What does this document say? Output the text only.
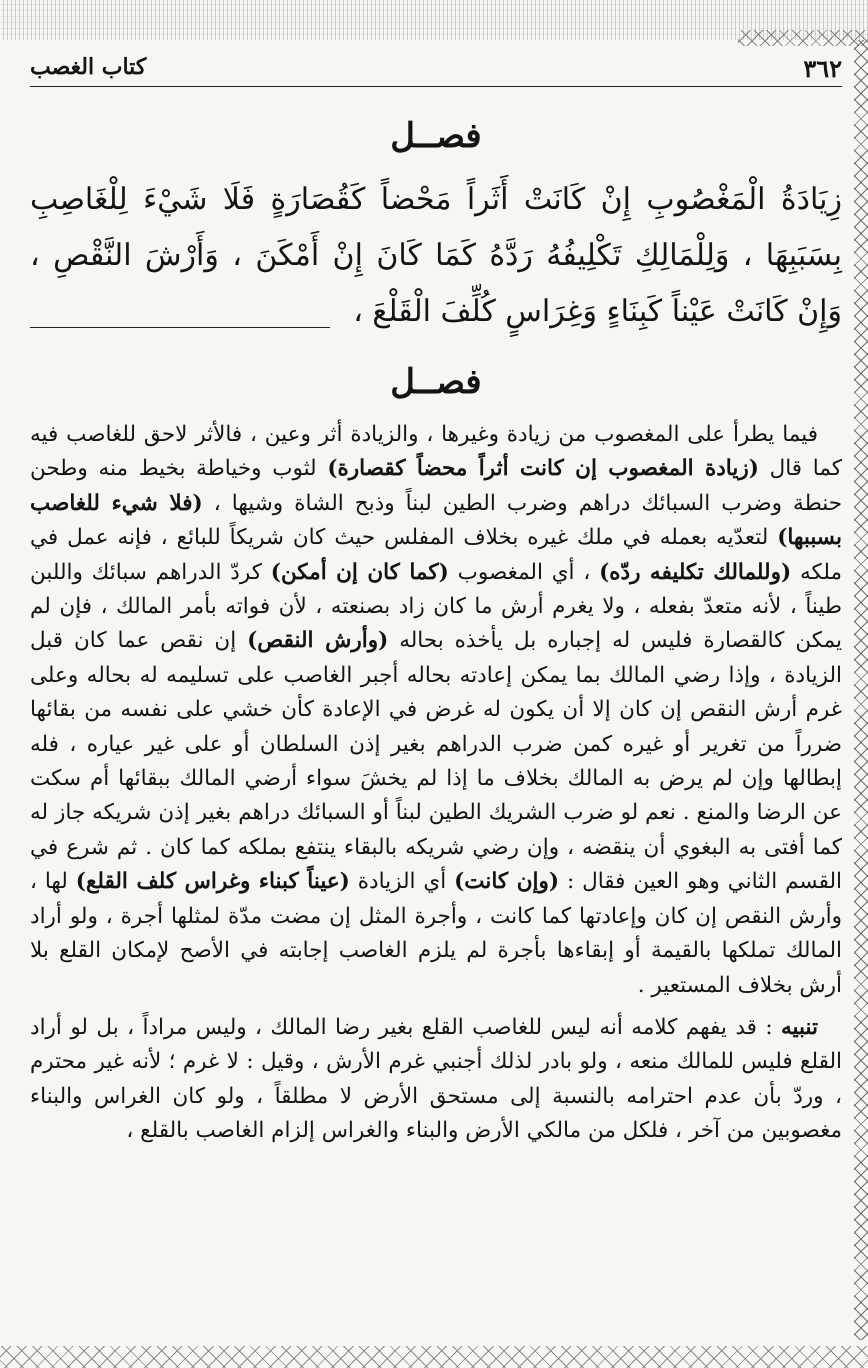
٣٦٢
كتاب الغصب
فصــل
زِيَادَةُ الْمَغْصُوبِ إِنْ كَانَتْ أَثَراً مَحْضاً كَقُصَارَةٍ فَلَا شَيْءَ لِلْغَاصِبِ بِسَبَبِهَا ، وَلِلْمَالِكِ تَكْلِيفُهُ رَدَّهُ كَمَا كَانَ إِنْ أَمْكَنَ ، وَأَرْشَ النَّقْصِ ، وَإِنْ كَانَتْ عَيْناً كَبِنَاءٍ وَغِرَاسٍ كُلِّفَ الْقَلْعَ ،
فصــل

فيما يطرأ على المغصوب من زيادة وغيرها ، والزيادة أثر وعين ، فالأثر لاحق للغاصب فيه كما قال (زيادة المغصوب إن كانت أثراً محضاً كقصارة) لثوب وخياطة بخيط منه وطحن حنطة وضرب السبائك دراهم وضرب الطين لبناً وذبح الشاة وشيها ، (فلا شيء للغاصب بسببها) لتعدّيه بعمله في ملك غيره بخلاف المفلس حيث كان شريكاً للبائع ، فإنه عمل في ملكه (وللمالك تكليفه ردّه) ، أي المغصوب (كما كان إن أمكن) كردّ الدراهم سبائك واللبن طيناً ، لأنه متعدّ بفعله ، ولا يغرم أرش ما كان زاد بصنعته ، لأن فواته بأمر المالك ، فإن لم يمكن كالقصارة فليس له إجباره بل يأخذه بحاله (وأرش النقص) إن نقص عما كان قبل الزيادة ، وإذا رضي المالك بما يمكن إعادته بحاله أجبر الغاصب على تسليمه له بحاله وعلى غرم أرش النقص إن كان إلا أن يكون له غرض في الإعادة كأن خشي على نفسه من بقائها ضرراً من تغرير أو غيره كمن ضرب الدراهم بغير إذن السلطان أو على غير عياره ، فله إبطالها وإن لم يرض به المالك بخلاف ما إذا لم يخشَ سواء أرضي المالك ببقائها أم سكت عن الرضا والمنع . نعم لو ضرب الشريك الطين لبناً أو السبائك دراهم بغير إذن شريكه جاز له كما أفتى به البغوي أن ينقضه ، وإن رضي شريكه بالبقاء ينتفع بملكه كما كان . ثم شرع في القسم الثاني وهو العين فقال : (وإن كانت) أي الزيادة (عيناً كبناء وغراس كلف القلع) لها ، وأرش النقص إن كان وإعادتها كما كانت ، وأجرة المثل إن مضت مدّة لمثلها أجرة ، ولو أراد المالك تملكها بالقيمة أو إبقاءها بأجرة لم يلزم الغاصب إجابته في الأصح لإمكان القلع بلا أرش بخلاف المستعير .

تنبيه : قد يفهم كلامه أنه ليس للغاصب القلع بغير رضا المالك ، وليس مراداً ، بل لو أراد القلع فليس للمالك منعه ، ولو بادر لذلك أجنبي غرم الأرش ، وقيل : لا غرم ؛ لأنه غير محترم ، وردّ بأن عدم احترامه بالنسبة إلى مستحق الأرض لا مطلقاً ، ولو كان الغراس والبناء مغصوبين من آخر ، فلكل من مالكي الأرض والبناء والغراس إلزام الغاصب بالقلع ،
